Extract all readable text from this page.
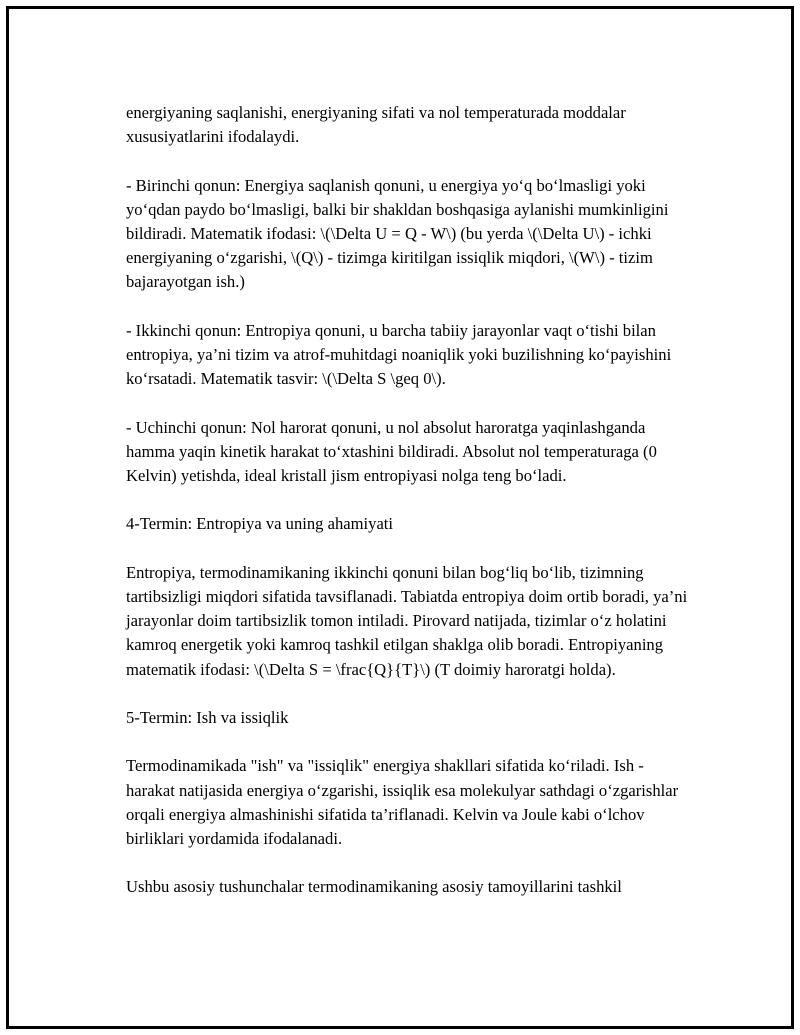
energiyaning saqlanishi, energiyaning sifati va nol temperaturada moddalar xususiyatlarini ifodalaydi.

- Birinchi qonun: Energiya saqlanish qonuni, u energiya yo‘q bo‘lmasligi yoki yo‘qdan paydo bo‘lmasligi, balki bir shakldan boshqasiga aylanishi mumkinligini bildiradi. Matematik ifodasi: \(\Delta U = Q - W\) (bu yerda \(\Delta U\) - ichki energiyaning o‘zgarishi, \(Q\) - tizimga kiritilgan issiqlik miqdori, \(W\) - tizim bajarayotgan ish.)

- Ikkinchi qonun: Entropiya qonuni, u barcha tabiiy jarayonlar vaqt o‘tishi bilan entropiya, ya’ni tizim va atrof-muhitdagi noaniqlik yoki buzilishning ko‘payishini ko‘rsatadi. Matematik tasvir: \(\Delta S \geq 0\).

- Uchinchi qonun: Nol harorat qonuni, u nol absolut haroratga yaqinlashganda hamma yaqin kinetik harakat to‘xtashini bildiradi. Absolut nol temperaturaga (0 Kelvin) yetishda, ideal kristall jism entropiyasi nolga teng bo‘ladi.

4-Termin: Entropiya va uning ahamiyati

Entropiya, termodinamikaning ikkinchi qonuni bilan bog‘liq bo‘lib, tizimning tartibsizligi miqdori sifatida tavsiflanadi. Tabiatda entropiya doim ortib boradi, ya’ni jarayonlar doim tartibsizlik tomon intiladi. Pirovard natijada, tizimlar o‘z holatini kamroq energetik yoki kamroq tashkil etilgan shaklga olib boradi. Entropiyaning matematik ifodasi: \(\Delta S = \frac{Q}{T}\) (T doimiy haroratgi holda).

5-Termin: Ish va issiqlik

Termodinamikada "ish" va "issiqlik" energiya shakllari sifatida ko‘riladi. Ish - harakat natijasida energiya o‘zgarishi, issiqlik esa molekulyar sathdagi o‘zgarishlar orqali energiya almashinishi sifatida ta’riflanadi. Kelvin va Joule kabi o‘lchov birliklari yordamida ifodalanadi.

Ushbu asosiy tushunchalar termodinamikaning asosiy tamoyillarini tashkil
